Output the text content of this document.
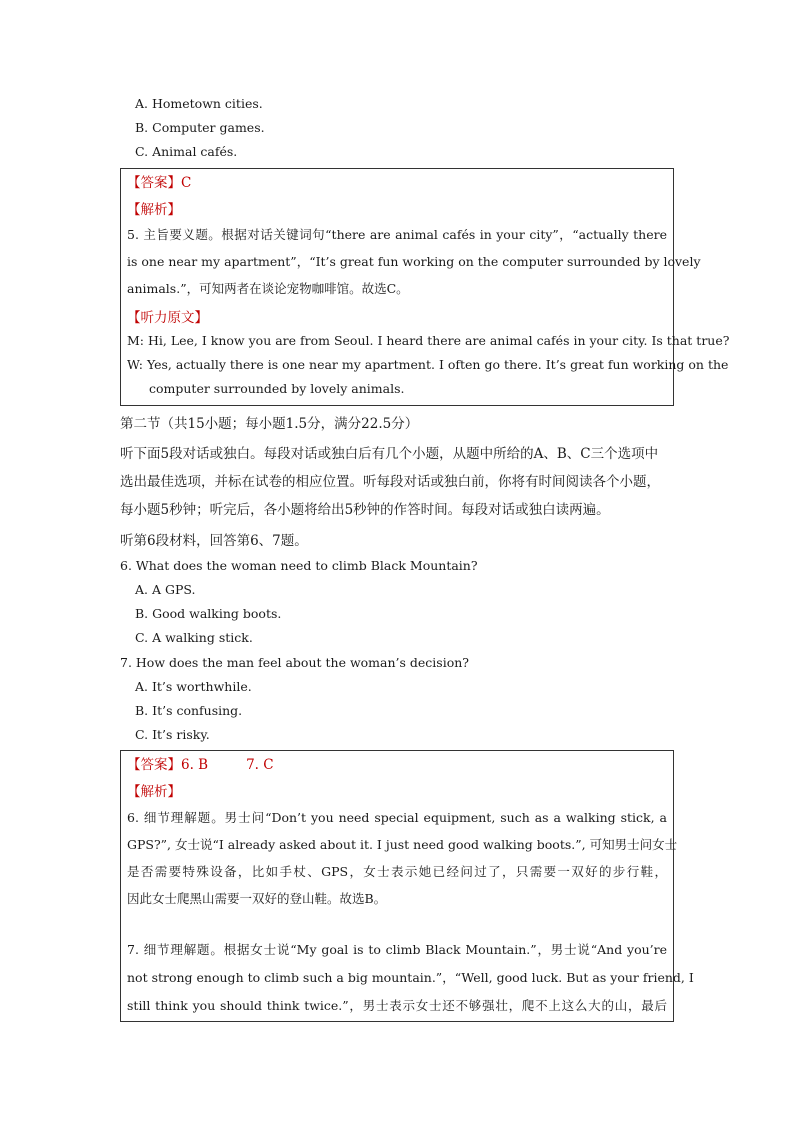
A. Hometown cities.
B. Computer games.
C. Animal cafés.
【答案】C
【解析】
5. 主旨要义题。根据对话关键词句“there are animal cafés in your city”，“actually there
is one near my apartment”，“It’s great fun working on the computer surrounded by lovely
animals.”，可知两者在谈论宠物咖啡馆。故选C。
【听力原文】
M: Hi, Lee, I know you are from Seoul. I heard there are animal cafés in your city. Is that true?
W: Yes, actually there is one near my apartment. I often go there. It’s great fun working on the
computer surrounded by lovely animals.
第二节（共15小题；每小题1.5分，满分22.5分）
听下面5段对话或独白。每段对话或独白后有几个小题，从题中所给的A、B、C三个选项中
选出最佳选项，并标在试卷的相应位置。听每段对话或独白前，你将有时间阅读各个小题，
每小题5秒钟；听完后，各小题将给出5秒钟的作答时间。每段对话或独白读两遍。
听第6段材料，回答第6、7题。
6. What does the woman need to climb Black Mountain?
A. A GPS.
B. Good walking boots.
C. A walking stick.
7. How does the man feel about the woman’s decision?
A. It’s worthwhile.
B. It’s confusing.
C. It’s risky.
【答案】6. B	7. C
【解析】
6. 细节理解题。男士问“Don’t you need special equipment, such as a walking stick, a
GPS?”, 女士说“I already asked about it. I just need good walking boots.”, 可知男士问女士
是否需要特殊设备，比如手杖、GPS，女士表示她已经问过了，只需要一双好的步行鞋，
因此女士爬黑山需要一双好的登山鞋。故选B。
7. 细节理解题。根据女士说“My goal is to climb Black Mountain.”，男士说“And you’re
not strong enough to climb such a big mountain.”，“Well, good luck. But as your friend, I
still think you should think twice.”，男士表示女士还不够强壮，爬不上这么大的山，最后
